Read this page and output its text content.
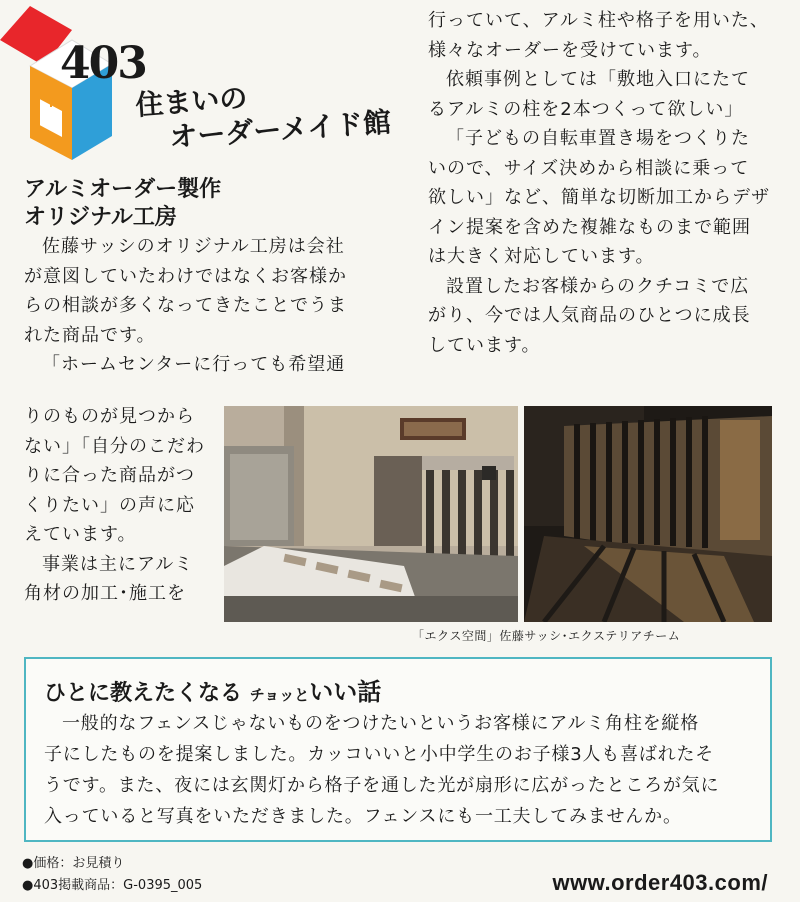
403
住まいの
オーダーメイド館
アルミオーダー製作
オリジナル工房

佐藤サッシのオリジナル工房は会社

が意図していたわけではなくお客様か

らの相談が多くなってきたことでうま

れた商品です。

「ホームセンターに行っても希望通

りのものが見つから

ない」「自分のこだわ

りに合った商品がつ

くりたい」の声に応

えています。

事業は主にアルミ

角材の加工･施工を

行っていて、アルミ柱や格子を用いた、

様々なオーダーを受けています。

依頼事例としては「敷地入口にたて

るアルミの柱を2本つくって欲しい」

「子どもの自転車置き場をつくりた

いので、サイズ決めから相談に乗って

欲しい」など、簡単な切断加工からデザ

イン提案を含めた複雑なものまで範囲

は大きく対応しています。

設置したお客様からのクチコミで広

がり、今では人気商品のひとつに成長

しています。

「エクス空間」佐藤サッシ･エクステリアチーム
ひとに教えたくなる チョッといい話
一般的なフェンスじゃないものをつけたいというお客様にアルミ角柱を縦格
子にしたものを提案しました。カッコいいと小中学生のお子様3人も喜ばれたそ
うです。また、夜には玄関灯から格子を通した光が扇形に広がったところが気に
入っていると写真をいただきました。フェンスにも一工夫してみませんか。
●価格：お見積り
●403掲載商品：G-0395_005	www.order403.com/
